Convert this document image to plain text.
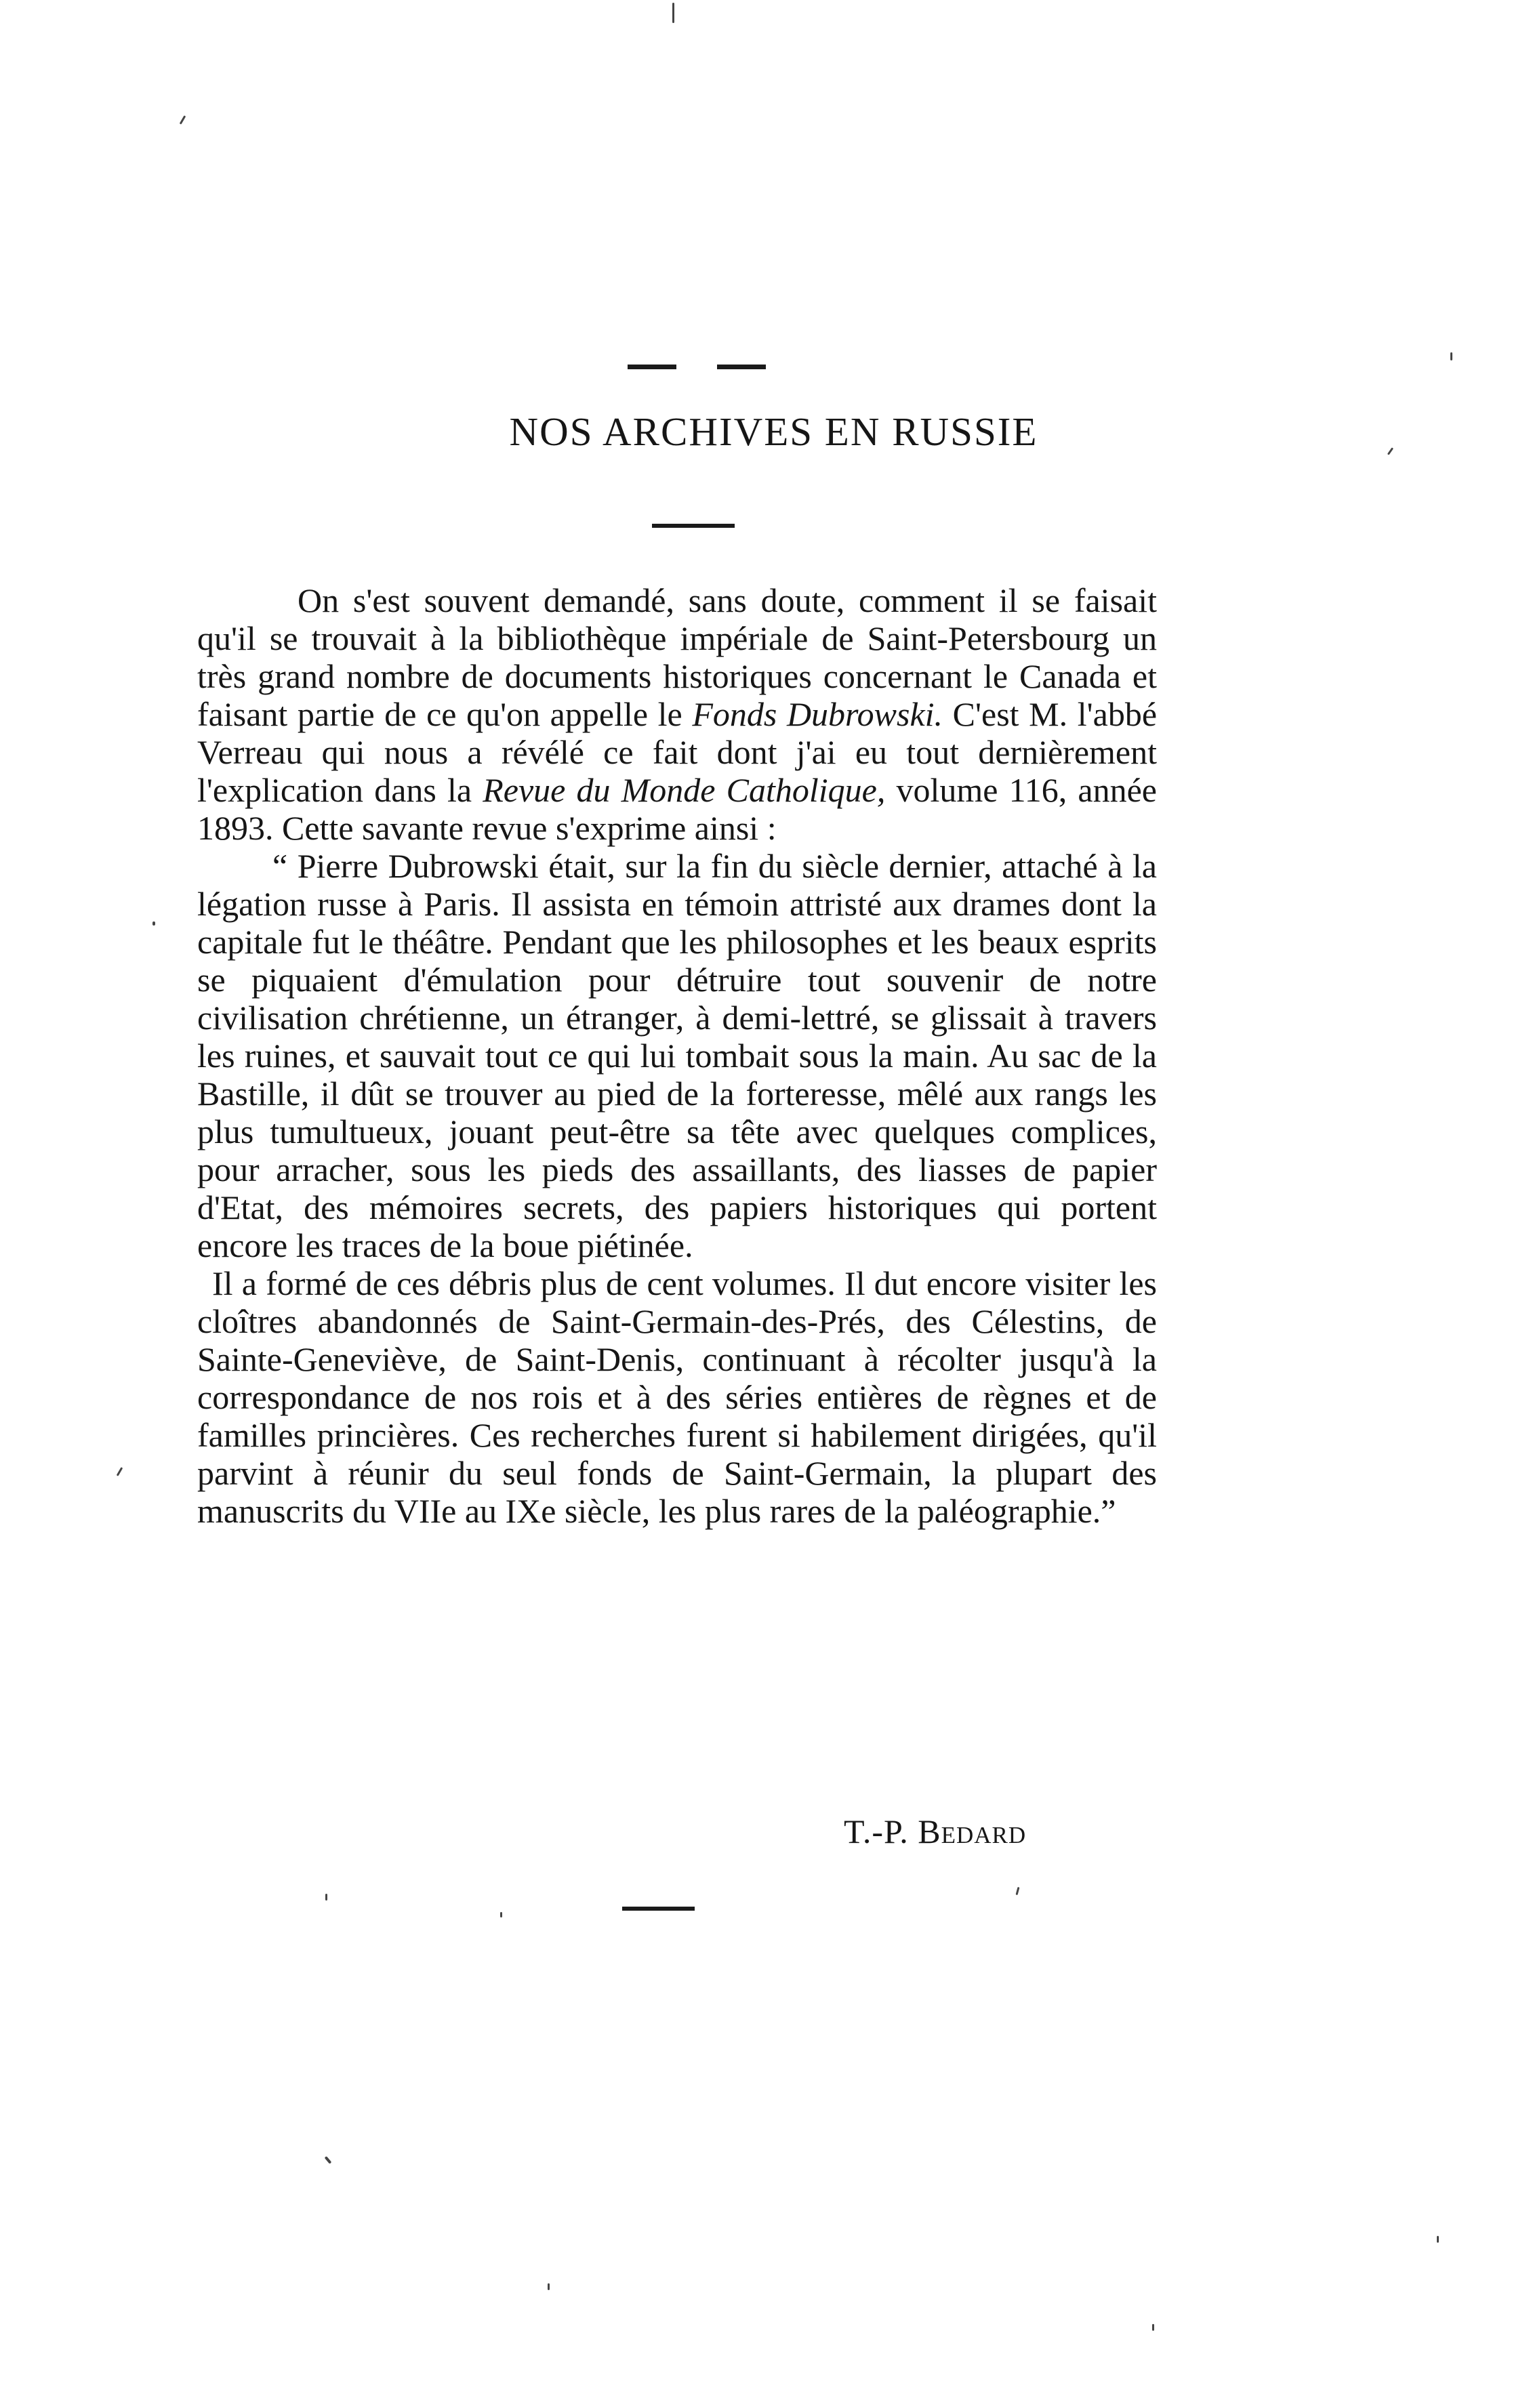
NOS ARCHIVES EN RUSSIE

On s'est souvent demandé, sans doute, comment il se faisait qu'il se trouvait à la bibliothèque impériale de Saint-Petersbourg un très grand nombre de documents historiques concernant le Canada et faisant partie de ce qu'on appelle le Fonds Dubrowski. C'est M. l'abbé Verreau qui nous a révélé ce fait dont j'ai eu tout dernièrement l'explication dans la Revue du Monde Catholique, volume 116, année 1893. Cette savante revue s'exprime ainsi :

“ Pierre Dubrowski était, sur la fin du siècle dernier, attaché à la légation russe à Paris. Il assista en témoin attristé aux drames dont la capitale fut le théâtre. Pendant que les philosophes et les beaux esprits se piquaient d'émulation pour détruire tout souvenir de notre civilisation chrétienne, un étranger, à demi-lettré, se glissait à travers les ruines, et sauvait tout ce qui lui tombait sous la main. Au sac de la Bastille, il dût se trouver au pied de la forteresse, mêlé aux rangs les plus tumultueux, jouant peut-être sa tête avec quelques complices, pour arracher, sous les pieds des assaillants, des liasses de papier d'Etat, des mémoires secrets, des papiers historiques qui portent encore les traces de la boue piétinée.

Il a formé de ces débris plus de cent volumes. Il dut encore visiter les cloîtres abandonnés de Saint-Germain-des-Prés, des Célestins, de Sainte-Geneviève, de Saint-Denis, continuant à récolter jusqu'à la correspondance de nos rois et à des séries entières de règnes et de familles princières. Ces recherches furent si habilement dirigées, qu'il parvint à réunir du seul fonds de Saint-Germain, la plupart des manuscrits du VIIe au IXe siècle, les plus rares de la paléographie.”

T.-P. Bedard
